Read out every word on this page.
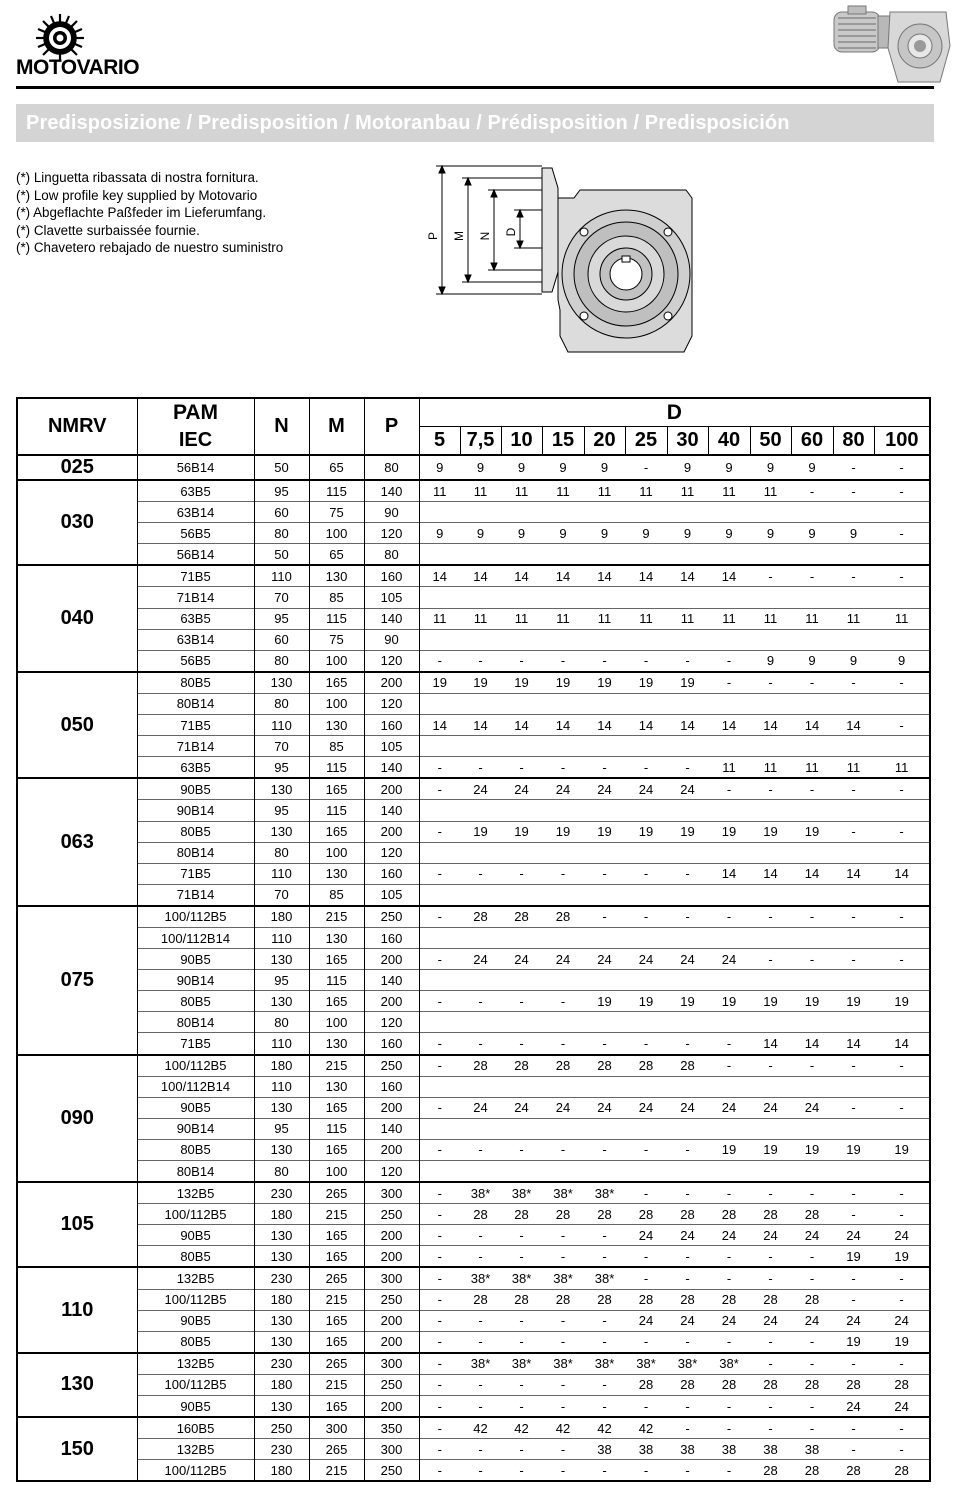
MOTOVARIO
Predisposizione / Predisposition / Motoranbau / Prédisposition / Predisposición
(*) Linguetta ribassata di nostra fornitura.
(*) Low profile key supplied by Motovario
(*) Abgeflachte Paßfeder im Lieferumfang.
(*) Clavette surbaissée fournie.
(*) Chavetero rebajado de nuestro suministro
P M N D
NMRV	PAM	N	M	P	D											
	IEC				5	7,5	10	15	20	25	30	40	50	60	80	100
025	56B14	50	65	80	9	9	9	9	9	-	9	9	9	9	-	-
030	63B5	95	115	140	11	11	11	11	11	11	11	11	11	-	-	-
	63B14	60	75	90												
	56B5	80	100	120	9	9	9	9	9	9	9	9	9	9	9	-
	56B14	50	65	80												
040	71B5	110	130	160	14	14	14	14	14	14	14	14	-	-	-	-
	71B14	70	85	105												
	63B5	95	115	140	11	11	11	11	11	11	11	11	11	11	11	11
	63B14	60	75	90												
	56B5	80	100	120	-	-	-	-	-	-	-	-	9	9	9	9
050	80B5	130	165	200	19	19	19	19	19	19	19	-	-	-	-	-
	80B14	80	100	120												
	71B5	110	130	160	14	14	14	14	14	14	14	14	14	14	14	-
	71B14	70	85	105												
	63B5	95	115	140	-	-	-	-	-	-	-	11	11	11	11	11
063	90B5	130	165	200	-	24	24	24	24	24	24	-	-	-	-	-
	90B14	95	115	140												
	80B5	130	165	200	-	19	19	19	19	19	19	19	19	19	-	-
	80B14	80	100	120												
	71B5	110	130	160	-	-	-	-	-	-	-	14	14	14	14	14
	71B14	70	85	105												
075	100/112B5	180	215	250	-	28	28	28	-	-	-	-	-	-	-	-
	100/112B14	110	130	160												
	90B5	130	165	200	-	24	24	24	24	24	24	24	-	-	-	-
	90B14	95	115	140												
	80B5	130	165	200	-	-	-	-	19	19	19	19	19	19	19	19
	80B14	80	100	120												
	71B5	110	130	160	-	-	-	-	-	-	-	-	14	14	14	14
090	100/112B5	180	215	250	-	28	28	28	28	28	28	-	-	-	-	-
	100/112B14	110	130	160												
	90B5	130	165	200	-	24	24	24	24	24	24	24	24	24	-	-
	90B14	95	115	140												
	80B5	130	165	200	-	-	-	-	-	-	-	19	19	19	19	19
	80B14	80	100	120												
105	132B5	230	265	300	-	38*	38*	38*	38*	-	-	-	-	-	-	-
	100/112B5	180	215	250	-	28	28	28	28	28	28	28	28	28	-	-
	90B5	130	165	200	-	-	-	-	-	24	24	24	24	24	24	24
	80B5	130	165	200	-	-	-	-	-	-	-	-	-	-	19	19
110	132B5	230	265	300	-	38*	38*	38*	38*	-	-	-	-	-	-	-
	100/112B5	180	215	250	-	28	28	28	28	28	28	28	28	28	-	-
	90B5	130	165	200	-	-	-	-	-	24	24	24	24	24	24	24
	80B5	130	165	200	-	-	-	-	-	-	-	-	-	-	19	19
130	132B5	230	265	300	-	38*	38*	38*	38*	38*	38*	38*	-	-	-	-
	100/112B5	180	215	250	-	-	-	-	-	28	28	28	28	28	28	28
	90B5	130	165	200	-	-	-	-	-	-	-	-	-	-	24	24
150	160B5	250	300	350	-	42	42	42	42	42	-	-	-	-	-	-
	132B5	230	265	300	-	-	-	-	38	38	38	38	38	38	-	-
	100/112B5	180	215	250	-	-	-	-	-	-	-	-	28	28	28	28
